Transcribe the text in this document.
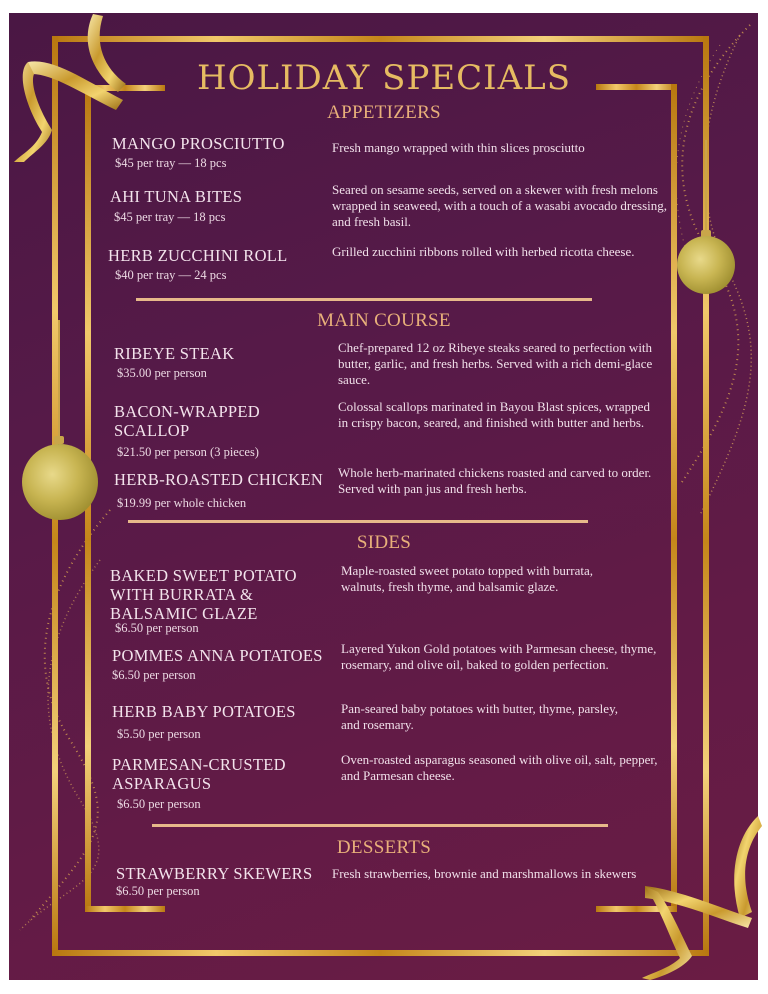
HOLIDAY SPECIALS
APPETIZERS
MANGO PROSCIUTTO
$45 per tray — 18 pcs
Fresh mango wrapped with thin slices prosciutto
AHI TUNA BITES
$45 per tray — 18 pcs
Seared on sesame seeds, served on a skewer with fresh melons wrapped in seaweed, with a touch of a wasabi avocado dressing, and fresh basil.
HERB ZUCCHINI ROLL
$40 per tray — 24 pcs
Grilled zucchini ribbons rolled with herbed ricotta cheese.
MAIN COURSE
RIBEYE STEAK
$35.00 per person
Chef-prepared 12 oz Ribeye steaks seared to perfection with butter, garlic, and fresh herbs. Served with a rich demi-glace sauce.
BACON-WRAPPED SCALLOP
$21.50 per person (3 pieces)
Colossal scallops marinated in Bayou Blast spices, wrapped in crispy bacon, seared, and finished with butter and herbs.
HERB-ROASTED CHICKEN
$19.99 per whole chicken
Whole herb-marinated chickens roasted and carved to order. Served with pan jus and fresh herbs.
SIDES
BAKED SWEET POTATO WITH BURRATA & BALSAMIC GLAZE
$6.50 per person
Maple-roasted sweet potato topped with burrata, walnuts, fresh thyme, and balsamic glaze.
POMMES ANNA POTATOES
$6.50 per person
Layered Yukon Gold potatoes with Parmesan cheese, thyme, rosemary, and olive oil, baked to golden perfection.
HERB BABY POTATOES
$5.50 per person
Pan-seared baby potatoes with butter, thyme, parsley, and rosemary.
PARMESAN-CRUSTED ASPARAGUS
$6.50 per person
Oven-roasted asparagus seasoned with olive oil, salt, pepper, and Parmesan cheese.
DESSERTS
STRAWBERRY SKEWERS
$6.50 per person
Fresh strawberries, brownie and marshmallows in skewers
